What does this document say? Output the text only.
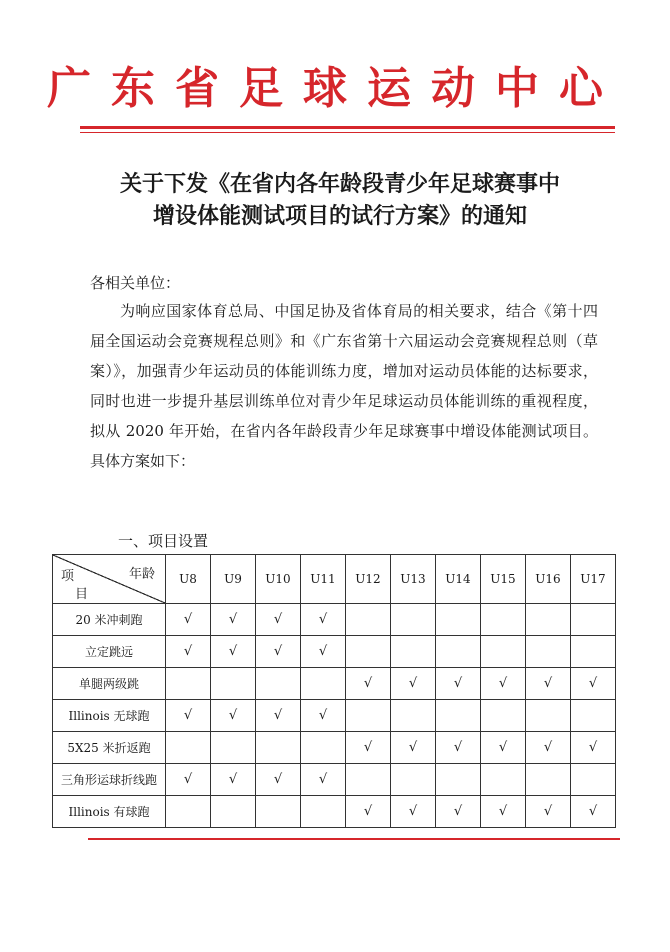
广东省足球运动中心
关于下发《在省内各年龄段青少年足球赛事中
增设体能测试项目的试行方案》的通知
各相关单位：
为响应国家体育总局、中国足协及省体育局的相关要求，结合《第十四届全国运动会竞赛规程总则》和《广东省第十六届运动会竞赛规程总则（草案）》，加强青少年运动员的体能训练力度，增加对运动员体能的达标要求，同时也进一步提升基层训练单位对青少年足球运动员体能训练的重视程度，拟从 2020 年开始，在省内各年龄段青少年足球赛事中增设体能测试项目。具体方案如下：
一、项目设置
年龄
项
目	U8	U9	U10	U11	U12	U13	U14	U15	U16	U17
20 米冲刺跑	√	√	√	√						
立定跳远	√	√	√	√						
单腿两级跳					√	√	√	√	√	√
Illinois 无球跑	√	√	√	√						
5X25 米折返跑					√	√	√	√	√	√
三角形运球折线跑	√	√	√	√						
Illinois 有球跑					√	√	√	√	√	√
